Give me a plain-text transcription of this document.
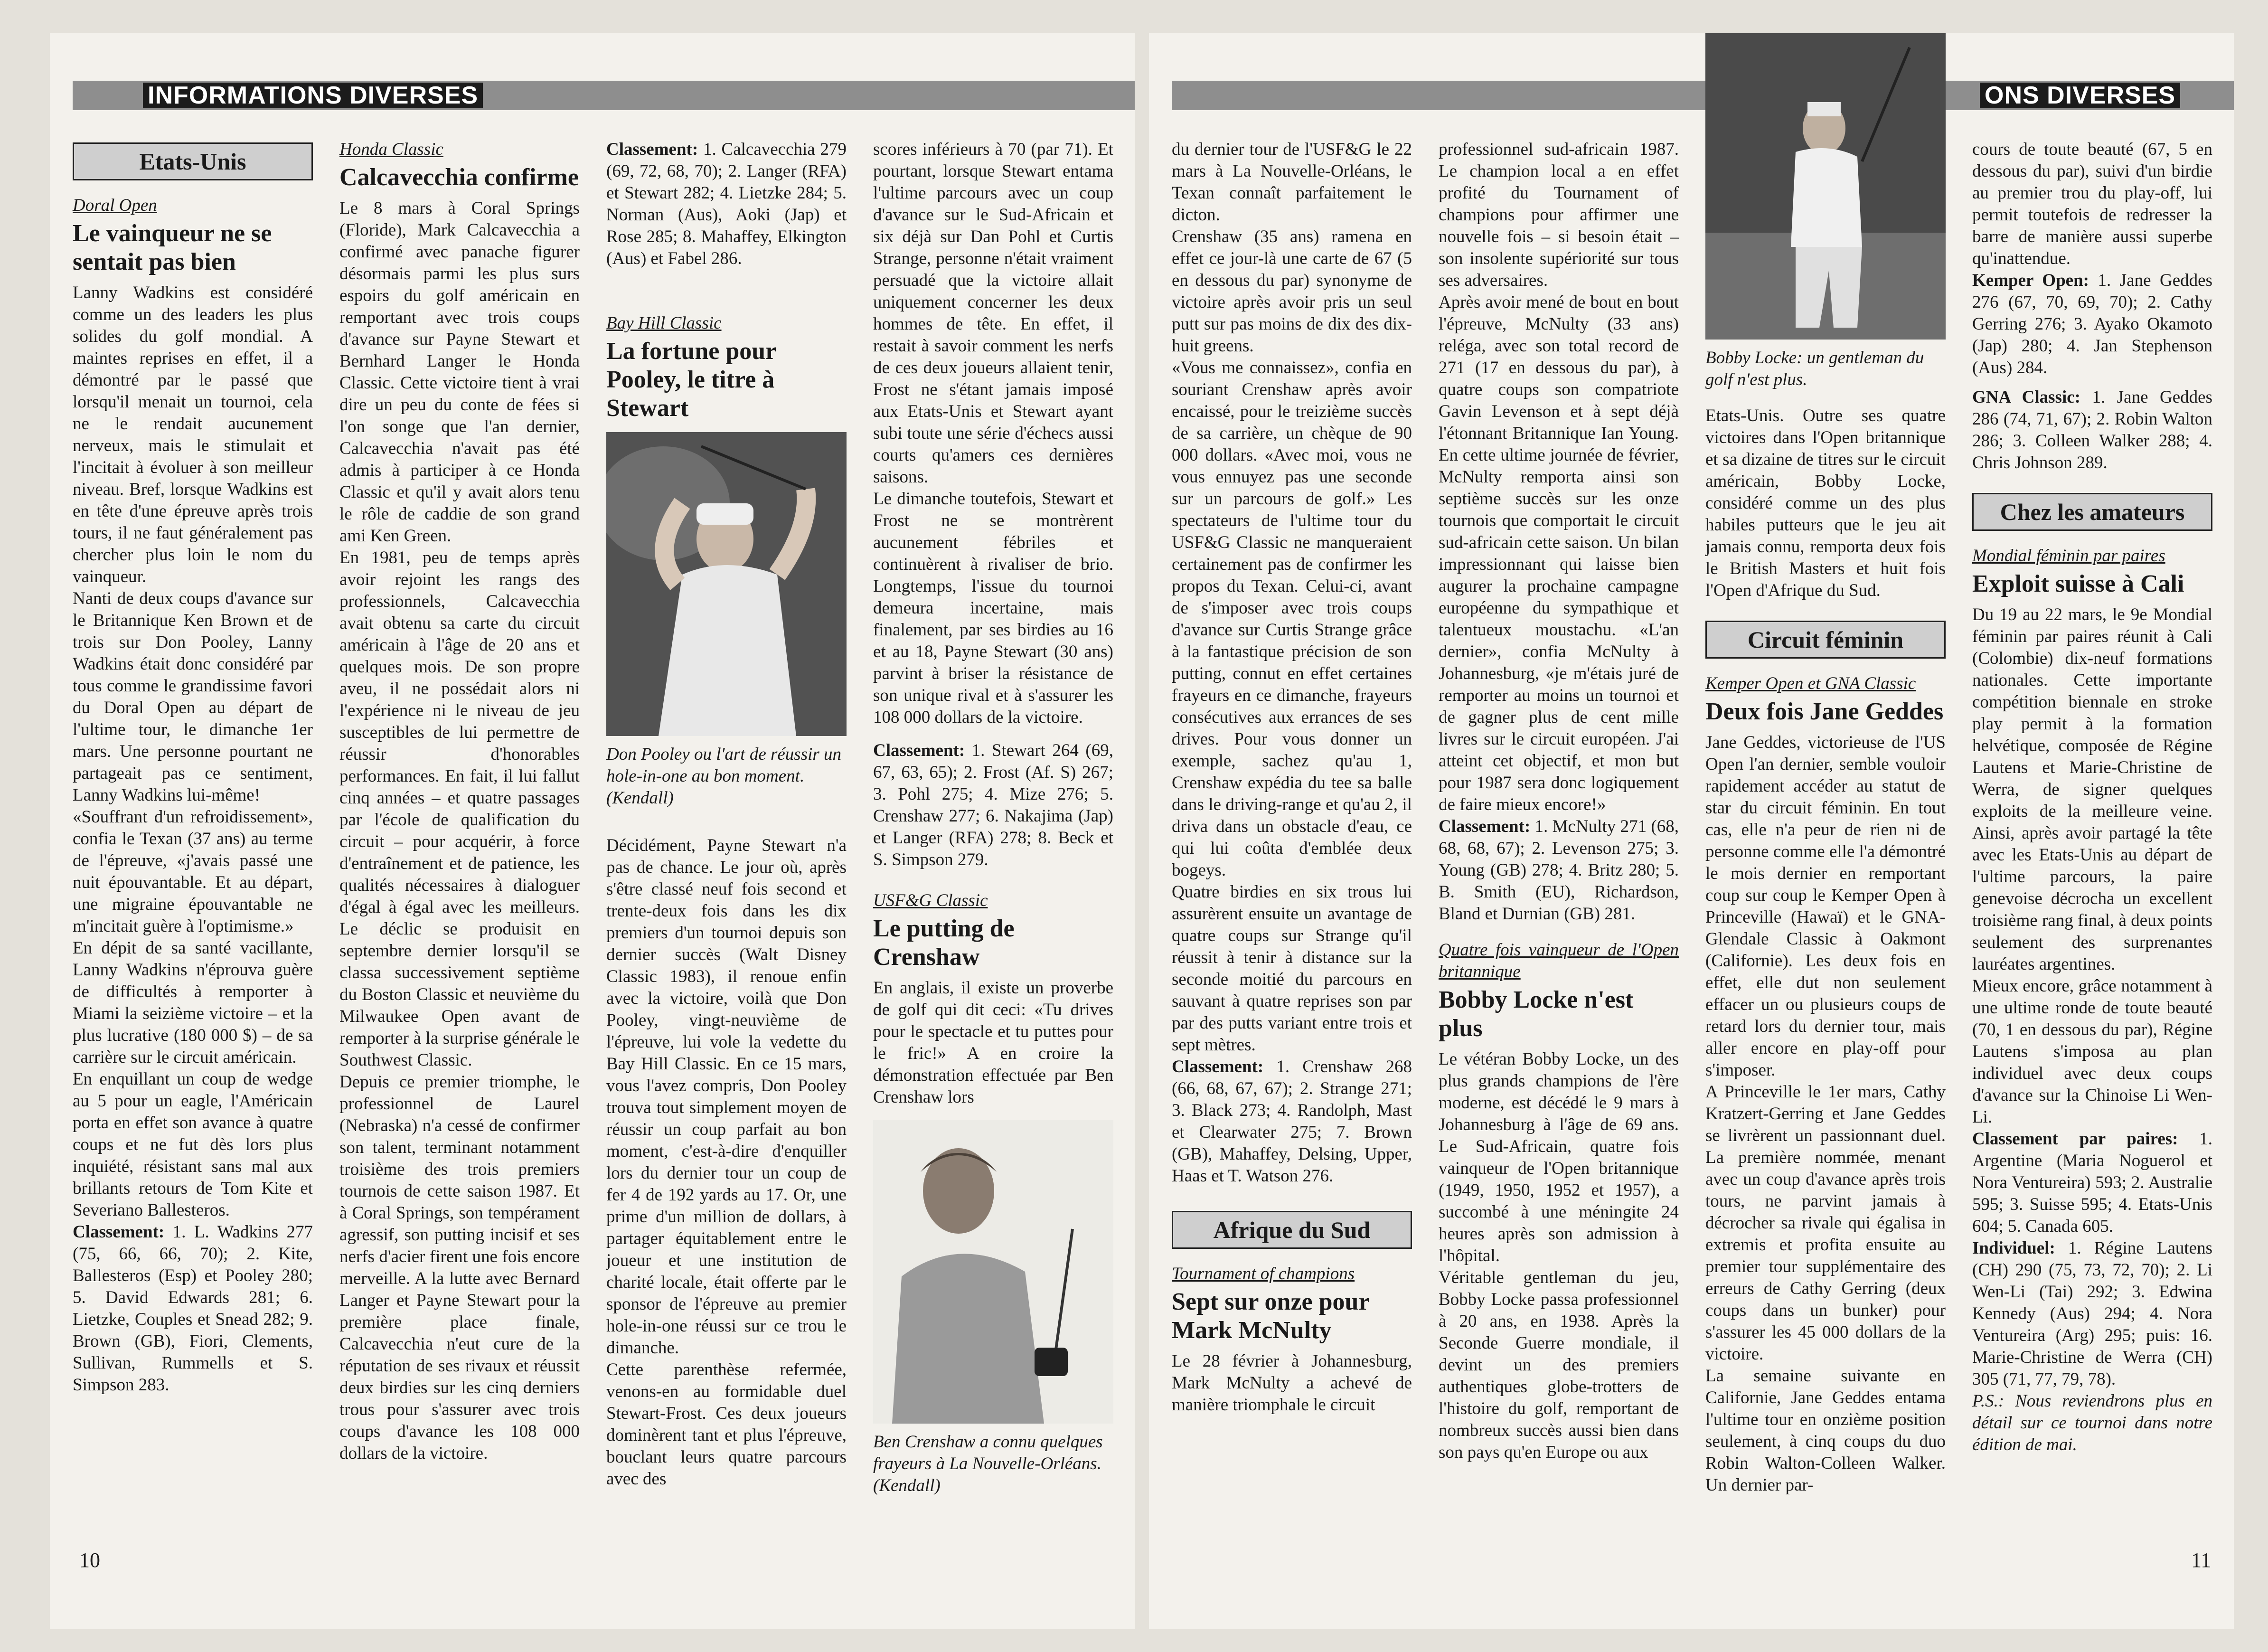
INFORMATIONS DIVERSES
Etats-Unis
Doral Open
Le vainqueur ne se sentait pas bien

Lanny Wadkins est considéré comme un des leaders les plus solides du golf mondial. A maintes reprises en effet, il a démontré par le passé que lorsqu'il menait un tournoi, cela ne le rendait aucunement nerveux, mais le stimulait et l'incitait à évoluer à son meilleur niveau. Bref, lorsque Wadkins est en tête d'une épreuve après trois tours, il ne faut généralement pas chercher plus loin le nom du vainqueur.

Nanti de deux coups d'avance sur le Britannique Ken Brown et de trois sur Don Pooley, Lanny Wadkins était donc considéré par tous comme le grandissime favori du Doral Open au départ de l'ultime tour, le dimanche 1er mars. Une personne pourtant ne partageait pas ce sentiment, Lanny Wadkins lui-même!

«Souffrant d'un refroidissement», confia le Texan (37 ans) au terme de l'épreuve, «j'avais passé une nuit épouvantable. Et au départ, une migraine épouvantable ne m'incitait guère à l'optimisme.»

En dépit de sa santé vacillante, Lanny Wadkins n'éprouva guère de difficultés à remporter à Miami la seizième victoire – et la plus lucrative (180 000 $) – de sa carrière sur le circuit américain.

En enquillant un coup de wedge au 5 pour un eagle, l'Américain porta en effet son avance à quatre coups et ne fut dès lors plus inquiété, résistant sans mal aux brillants retours de Tom Kite et Severiano Ballesteros.

Classement: 1. L. Wadkins 277 (75, 66, 66, 70); 2. Kite, Ballesteros (Esp) et Pooley 280; 5. David Edwards 281; 6. Lietzke, Couples et Snead 282; 9. Brown (GB), Fiori, Clements, Sullivan, Rummells et S. Simpson 283.

Honda Classic
Calcavecchia confirme

Le 8 mars à Coral Springs (Floride), Mark Calcavecchia a confirmé avec panache figurer désormais parmi les plus surs espoirs du golf américain en remportant avec trois coups d'avance sur Payne Stewart et Bernhard Langer le Honda Classic. Cette victoire tient à vrai dire un peu du conte de fées si l'on songe que l'an dernier, Calcavecchia n'avait pas été admis à participer à ce Honda Classic et qu'il y avait alors tenu le rôle de caddie de son grand ami Ken Green.

En 1981, peu de temps après avoir rejoint les rangs des professionnels, Calcavecchia avait obtenu sa carte du circuit américain à l'âge de 20 ans et quelques mois. De son propre aveu, il ne possédait alors ni l'expérience ni le niveau de jeu susceptibles de lui permettre de réussir d'honorables performances. En fait, il lui fallut cinq années – et quatre passages par l'école de qualification du circuit – pour acquérir, à force d'entraînement et de patience, les qualités nécessaires à dialoguer d'égal à égal avec les meilleurs. Le déclic se produisit en septembre dernier lorsqu'il se classa successivement septième du Boston Classic et neuvième du Milwaukee Open avant de remporter à la surprise générale le Southwest Classic.

Depuis ce premier triomphe, le professionnel de Laurel (Nebraska) n'a cessé de confirmer son talent, terminant notamment troisième des trois premiers tournois de cette saison 1987. Et à Coral Springs, son tempérament agressif, son putting incisif et ses nerfs d'acier firent une fois encore merveille. A la lutte avec Bernard Langer et Payne Stewart pour la première place finale, Calcavecchia n'eut cure de la réputation de ses rivaux et réussit deux birdies sur les cinq derniers trous pour s'assurer avec trois coups d'avance les 108 000 dollars de la victoire.

Classement: 1. Calcavecchia 279 (69, 72, 68, 70); 2. Langer (RFA) et Stewart 282; 4. Lietzke 284; 5. Norman (Aus), Aoki (Jap) et Rose 285; 8. Mahaffey, Elkington (Aus) et Fabel 286.

Bay Hill Classic
La fortune pour Pooley, le titre à Stewart
Don Pooley ou l'art de réussir un hole-in-one au bon moment. (Kendall)

Décidément, Payne Stewart n'a pas de chance. Le jour où, après s'être classé neuf fois second et trente-deux fois dans les dix premiers d'un tournoi depuis son dernier succès (Walt Disney Classic 1983), il renoue enfin avec la victoire, voilà que Don Pooley, vingt-neuvième de l'épreuve, lui vole la vedette du Bay Hill Classic. En ce 15 mars, vous l'avez compris, Don Pooley trouva tout simplement moyen de réussir un coup parfait au bon moment, c'est-à-dire d'enquiller lors du dernier tour un coup de fer 4 de 192 yards au 17. Or, une prime d'un million de dollars, à partager équitablement entre le joueur et une institution de charité locale, était offerte par le sponsor de l'épreuve au premier hole-in-one réussi sur ce trou le dimanche.

Cette parenthèse refermée, venons-en au formidable duel Stewart-Frost. Ces deux joueurs dominèrent tant et plus l'épreuve, bouclant leurs quatre parcours avec des

scores inférieurs à 70 (par 71). Et pourtant, lorsque Stewart entama l'ultime parcours avec un coup d'avance sur le Sud-Africain et six déjà sur Dan Pohl et Curtis Strange, personne n'était vraiment persuadé que la victoire allait uniquement concerner les deux hommes de tête. En effet, il restait à savoir comment les nerfs de ces deux joueurs allaient tenir, Frost ne s'étant jamais imposé aux Etats-Unis et Stewart ayant subi toute une série d'échecs aussi courts qu'amers ces dernières saisons.

Le dimanche toutefois, Stewart et Frost ne se montrèrent aucunement fébriles et continuèrent à rivaliser de brio. Longtemps, l'issue du tournoi demeura incertaine, mais finalement, par ses birdies au 16 et au 18, Payne Stewart (30 ans) parvint à briser la résistance de son unique rival et à s'assurer les 108 000 dollars de la victoire.

Classement: 1. Stewart 264 (69, 67, 63, 65); 2. Frost (Af. S) 267; 3. Pohl 275; 4. Mize 276; 5. Crenshaw 277; 6. Nakajima (Jap) et Langer (RFA) 278; 8. Beck et S. Simpson 279.

USF&G Classic
Le putting de Crenshaw

En anglais, il existe un proverbe de golf qui dit ceci: «Tu drives pour le spectacle et tu puttes pour le fric!» A en croire la démonstration effectuée par Ben Crenshaw lors

Ben Crenshaw a connu quelques frayeurs à La Nouvelle-Orléans. (Kendall)
10
ONS DIVERSES

du dernier tour de l'USF&G le 22 mars à La Nouvelle-Orléans, le Texan connaît parfaitement le dicton.

Crenshaw (35 ans) ramena en effet ce jour-là une carte de 67 (5 en dessous du par) synonyme de victoire après avoir pris un seul putt sur pas moins de dix des dix-huit greens.

«Vous me connaissez», confia en souriant Crenshaw après avoir encaissé, pour le treizième succès de sa carrière, un chèque de 90 000 dollars. «Avec moi, vous ne vous ennuyez pas une seconde sur un parcours de golf.» Les spectateurs de l'ultime tour du USF&G Classic ne manqueraient certainement pas de confirmer les propos du Texan. Celui-ci, avant de s'imposer avec trois coups d'avance sur Curtis Strange grâce à la fantastique précision de son putting, connut en effet certaines frayeurs en ce dimanche, frayeurs consécutives aux errances de ses drives. Pour vous donner un exemple, sachez qu'au 1, Crenshaw expédia du tee sa balle dans le driving-range et qu'au 2, il driva dans un obstacle d'eau, ce qui lui coûta d'emblée deux bogeys.

Quatre birdies en six trous lui assurèrent ensuite un avantage de quatre coups sur Strange qu'il réussit à tenir à distance sur la seconde moitié du parcours en sauvant à quatre reprises son par par des putts variant entre trois et sept mètres.

Classement: 1. Crenshaw 268 (66, 68, 67, 67); 2. Strange 271; 3. Black 273; 4. Randolph, Mast et Clearwater 275; 7. Brown (GB), Mahaffey, Delsing, Upper, Haas et T. Watson 276.

Afrique du Sud
Tournament of champions
Sept sur onze pour Mark McNulty

Le 28 février à Johannesburg, Mark McNulty a achevé de manière triomphale le circuit

professionnel sud-africain 1987. Le champion local a en effet profité du Tournament of champions pour affirmer une nouvelle fois – si besoin était – son insolente supériorité sur tous ses adversaires.

Après avoir mené de bout en bout l'épreuve, McNulty (33 ans) reléga, avec son total record de 271 (17 en dessous du par), à quatre coups son compatriote Gavin Levenson et à sept déjà l'étonnant Britannique Ian Young. En cette ultime journée de février, McNulty remporta ainsi son septième succès sur les onze tournois que comportait le circuit sud-africain cette saison. Un bilan impressionnant qui laisse bien augurer la prochaine campagne européenne du sympathique et talentueux moustachu. «L'an dernier», confia McNulty à Johannesburg, «je m'étais juré de remporter au moins un tournoi et de gagner plus de cent mille livres sur le circuit européen. J'ai atteint cet objectif, et mon but pour 1987 sera donc logiquement de faire mieux encore!»

Classement: 1. McNulty 271 (68, 68, 68, 67); 2. Levenson 275; 3. Young (GB) 278; 4. Britz 280; 5. B. Smith (EU), Richardson, Bland et Durnian (GB) 281.

Quatre fois vainqueur de l'Open britannique
Bobby Locke n'est plus

Le vétéran Bobby Locke, un des plus grands champions de l'ère moderne, est décédé le 9 mars à Johannesburg à l'âge de 69 ans. Le Sud-Africain, quatre fois vainqueur de l'Open britannique (1949, 1950, 1952 et 1957), a succombé à une méningite 24 heures après son admission à l'hôpital.

Véritable gentleman du jeu, Bobby Locke passa professionnel à 20 ans, en 1938. Après la Seconde Guerre mondiale, il devint un des premiers authentiques globe-trotters de l'histoire du golf, remportant de nombreux succès aussi bien dans son pays qu'en Europe ou aux

Bobby Locke: un gentleman du golf n'est plus.

Etats-Unis. Outre ses quatre victoires dans l'Open britannique et sa dizaine de titres sur le circuit américain, Bobby Locke, considéré comme un des plus habiles putteurs que le jeu ait jamais connu, remporta deux fois le British Masters et huit fois l'Open d'Afrique du Sud.

Circuit féminin
Kemper Open et GNA Classic
Deux fois Jane Geddes

Jane Geddes, victorieuse de l'US Open l'an dernier, semble vouloir rapidement accéder au statut de star du circuit féminin. En tout cas, elle n'a peur de rien ni de personne comme elle l'a démontré le mois dernier en remportant coup sur coup le Kemper Open à Princeville (Hawaï) et le GNA-Glendale Classic à Oakmont (Californie). Les deux fois en effet, elle dut non seulement effacer un ou plusieurs coups de retard lors du dernier tour, mais aller encore en play-off pour s'imposer.

A Princeville le 1er mars, Cathy Kratzert-Gerring et Jane Geddes se livrèrent un passionnant duel. La première nommée, menant avec un coup d'avance après trois tours, ne parvint jamais à décrocher sa rivale qui égalisa in extremis et profita ensuite au premier tour supplémentaire des erreurs de Cathy Gerring (deux coups dans un bunker) pour s'assurer les 45 000 dollars de la victoire.

La semaine suivante en Californie, Jane Geddes entama l'ultime tour en onzième position seulement, à cinq coups du duo Robin Walton-Colleen Walker. Un dernier par-

cours de toute beauté (67, 5 en dessous du par), suivi d'un birdie au premier trou du play-off, lui permit toutefois de redresser la barre de manière aussi superbe qu'inattendue.

Kemper Open: 1. Jane Geddes 276 (67, 70, 69, 70); 2. Cathy Gerring 276; 3. Ayako Okamoto (Jap) 280; 4. Jan Stephenson (Aus) 284.

GNA Classic: 1. Jane Geddes 286 (74, 71, 67); 2. Robin Walton 286; 3. Colleen Walker 288; 4. Chris Johnson 289.

Chez les amateurs
Mondial féminin par paires
Exploit suisse à Cali

Du 19 au 22 mars, le 9e Mondial féminin par paires réunit à Cali (Colombie) dix-neuf formations nationales. Cette importante compétition biennale en stroke play permit à la formation helvétique, composée de Régine Lautens et Marie-Christine de Werra, de signer quelques exploits de la meilleure veine. Ainsi, après avoir partagé la tête avec les Etats-Unis au départ de l'ultime parcours, la paire genevoise décrocha un excellent troisième rang final, à deux points seulement des surprenantes lauréates argentines.

Mieux encore, grâce notamment à une ultime ronde de toute beauté (70, 1 en dessous du par), Régine Lautens s'imposa au plan individuel avec deux coups d'avance sur la Chinoise Li Wen-Li.

Classement par paires: 1. Argentine (Maria Noguerol et Nora Ventureira) 593; 2. Australie 595; 3. Suisse 595; 4. Etats-Unis 604; 5. Canada 605.

Individuel: 1. Régine Lautens (CH) 290 (75, 73, 72, 70); 2. Li Wen-Li (Tai) 292; 3. Edwina Kennedy (Aus) 294; 4. Nora Ventureira (Arg) 295; puis: 16. Marie-Christine de Werra (CH) 305 (71, 77, 79, 78).

P.S.: Nous reviendrons plus en détail sur ce tournoi dans notre édition de mai.

11
